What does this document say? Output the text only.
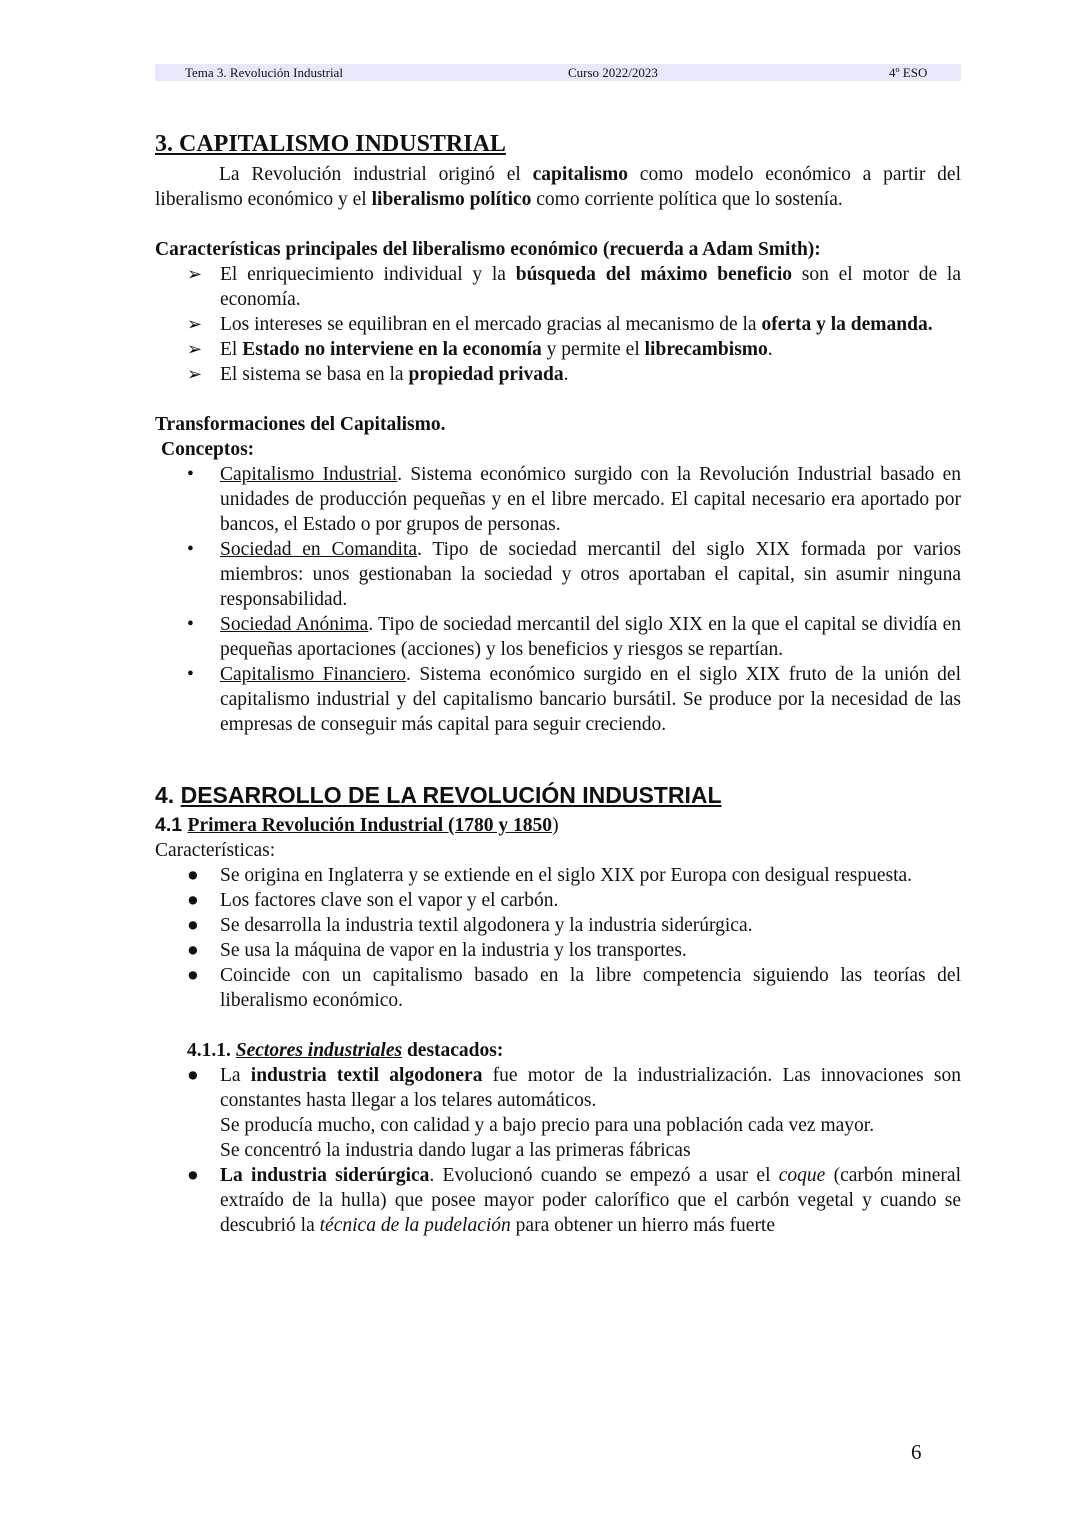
Tema 3. Revolución Industrial	Curso 2022/2023	4º ESO
3. CAPITALISMO INDUSTRIAL

La Revolución industrial originó el capitalismo como modelo económico a partir del liberalismo económico y el liberalismo político como corriente política que lo sostenía.

Características principales del liberalismo económico (recuerda a Adam Smith):

➢ El enriquecimiento individual y la búsqueda del máximo beneficio son el motor de la economía.
➢ Los intereses se equilibran en el mercado gracias al mecanismo de la oferta y la demanda.
➢ El Estado no interviene en la economía y permite el librecambismo.
➢ El sistema se basa en la propiedad privada.

Transformaciones del Capitalismo.

Conceptos:

• Capitalismo Industrial. Sistema económico surgido con la Revolución Industrial basado en unidades de producción pequeñas y en el libre mercado. El capital necesario era aportado por bancos, el Estado o por grupos de personas.
• Sociedad en Comandita. Tipo de sociedad mercantil del siglo XIX formada por varios miembros: unos gestionaban la sociedad y otros aportaban el capital, sin asumir ninguna responsabilidad.
• Sociedad Anónima. Tipo de sociedad mercantil del siglo XIX en la que el capital se dividía en pequeñas aportaciones (acciones) y los beneficios y riesgos se repartían.
• Capitalismo Financiero. Sistema económico surgido en el siglo XIX fruto de la unión del capitalismo industrial y del capitalismo bancario bursátil. Se produce por la necesidad de las empresas de conseguir más capital para seguir creciendo.
4. DESARROLLO DE LA REVOLUCIÓN INDUSTRIAL

4.1 Primera Revolución Industrial (1780 y 1850)

Características:

● Se origina en Inglaterra y se extiende en el siglo XIX por Europa con desigual respuesta.
● Los factores clave son el vapor y el carbón.
● Se desarrolla la industria textil algodonera y la industria siderúrgica.
● Se usa la máquina de vapor en la industria y los transportes.
● Coincide con un capitalismo basado en la libre competencia siguiendo las teorías del liberalismo económico.

4.1.1. Sectores industriales destacados:

● La industria textil algodonera fue motor de la industrialización. Las innovaciones son constantes hasta llegar a los telares automáticos.
Se producía mucho, con calidad y a bajo precio para una población cada vez mayor.
Se concentró la industria dando lugar a las primeras fábricas
● La industria siderúrgica. Evolucionó cuando se empezó a usar el coque (carbón mineral extraído de la hulla) que posee mayor poder calorífico que el carbón vegetal y cuando se descubrió la técnica de la pudelación para obtener un hierro más fuerte
6
